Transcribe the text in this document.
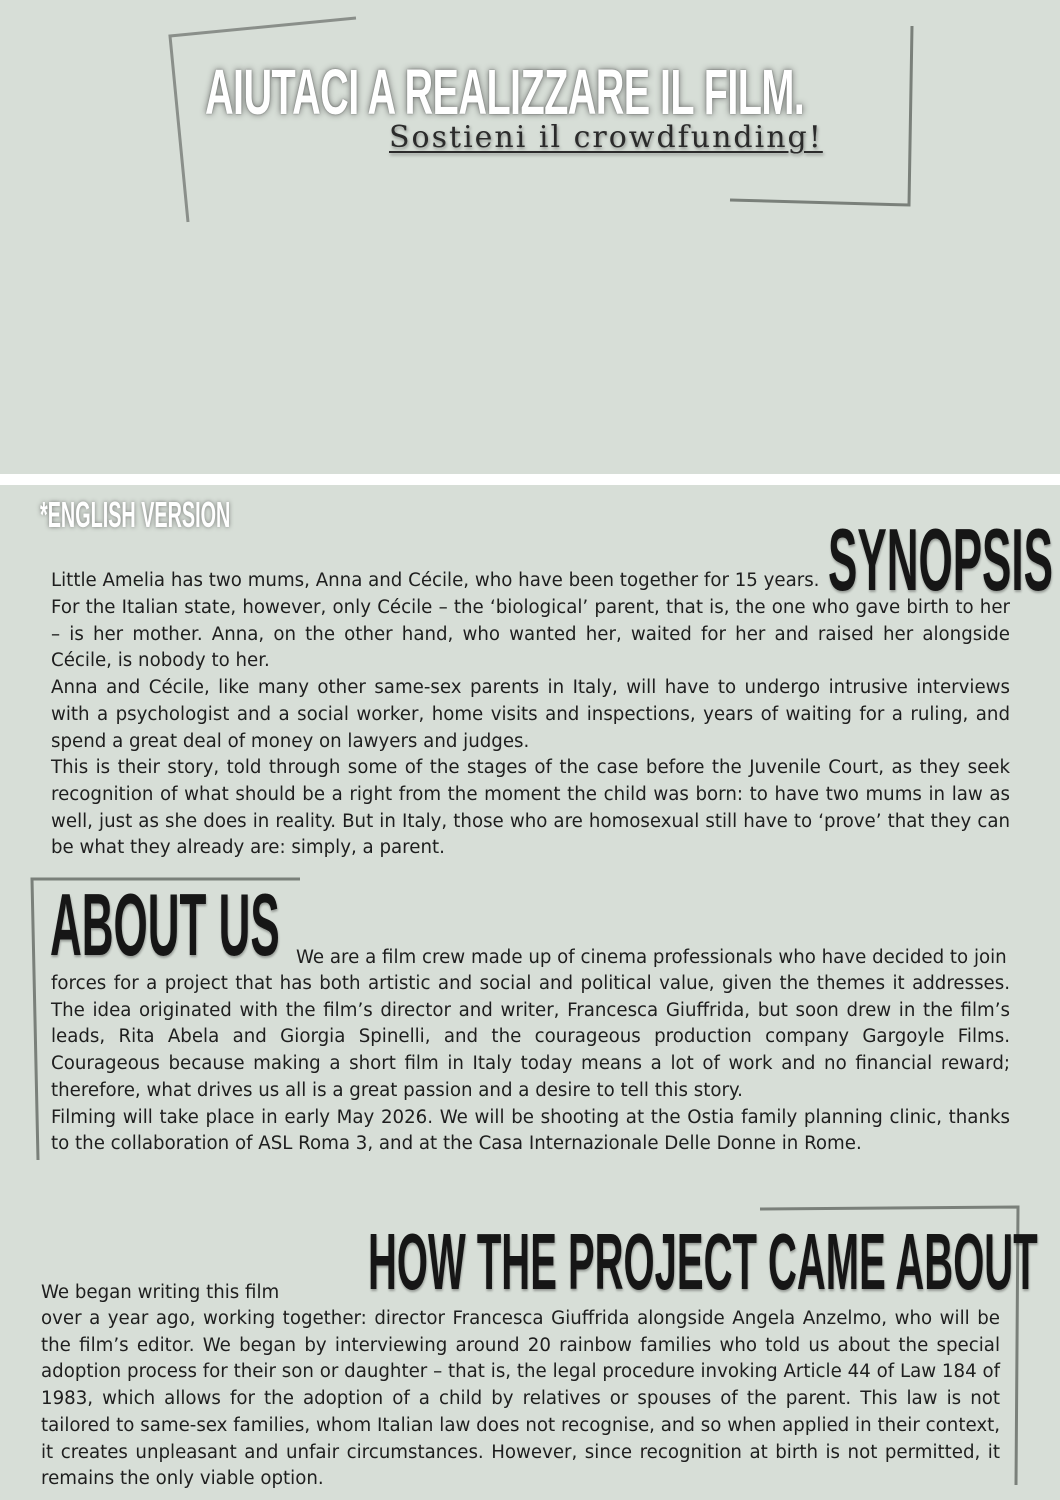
AIUTACI A REALIZZARE IL FILM.
Sostieni il crowdfunding!
*ENGLISH VERSION	SYNOPSIS
Little Amelia has two mums, Anna and Cécile, who have been together for 15 years.

For the Italian state, however, only Cécile – the ‘biological’ parent, that is, the one who gave birth to her – is her mother. Anna, on the other hand, who wanted her, waited for her and raised her alongside Cécile, is nobody to her.

Anna and Cécile, like many other same-sex parents in Italy, will have to undergo intrusive interviews with a psychologist and a social worker, home visits and inspections, years of waiting for a ruling, and spend a great deal of money on lawyers and judges.

This is their story, told through some of the stages of the case before the Juvenile Court, as they seek recognition of what should be a right from the moment the child was born: to have two mums in law as well, just as she does in reality. But in Italy, those who are homosexual still have to ‘prove’ that they can be what they already are: simply, a parent.

ABOUT US We are a film crew made up of cinema professionals who have decided to join

forces for a project that has both artistic and social and political value, given the themes it addresses. The idea originated with the film’s director and writer, Francesca Giuffrida, but soon drew in the film’s leads, Rita Abela and Giorgia Spinelli, and the courageous production company Gargoyle Films. Courageous because making a short film in Italy today means a lot of work and no financial reward; therefore, what drives us all is a great passion and a desire to tell this story.

Filming will take place in early May 2026. We will be shooting at the Ostia family planning clinic, thanks to the collaboration of ASL Roma 3, and at the Casa Internazionale Delle Donne in Rome.

HOW THE PROJECT CAME ABOUT
We began writing this film

over a year ago, working together: director Francesca Giuffrida alongside Angela Anzelmo, who will be the film’s editor. We began by interviewing around 20 rainbow families who told us about the special adoption process for their son or daughter – that is, the legal procedure invoking Article 44 of Law 184 of 1983, which allows for the adoption of a child by relatives or spouses of the parent. This law is not tailored to same-sex families, whom Italian law does not recognise, and so when applied in their context, it creates unpleasant and unfair circumstances. However, since recognition at birth is not permitted, it remains the only viable option.
